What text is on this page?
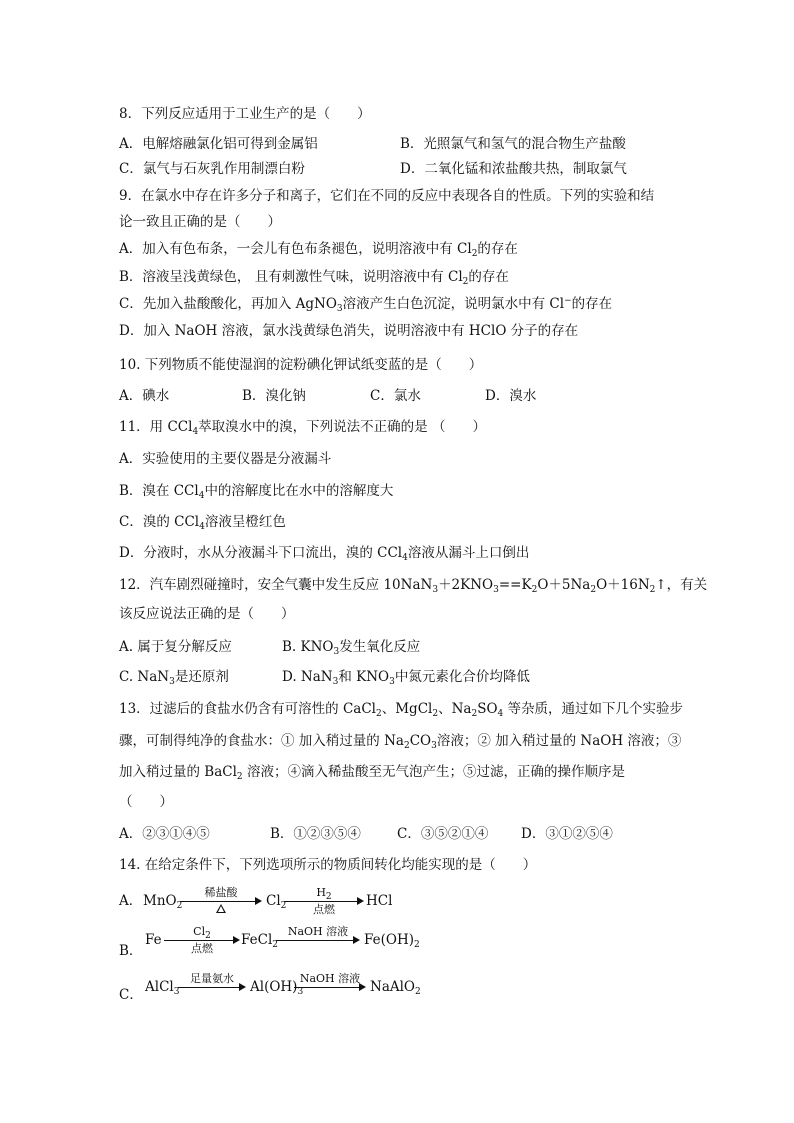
8．下列反应适用于工业生产的是（　　）
A．电解熔融氯化铝可得到金属铝	B．光照氯气和氢气的混合物生产盐酸
C．氯气与石灰乳作用制漂白粉	D．二氧化锰和浓盐酸共热，制取氯气
9．在氯水中存在许多分子和离子，它们在不同的反应中表现各自的性质。下列的实验和结
论一致且正确的是（　　）
A．加入有色布条，一会儿有色布条褪色，说明溶液中有 $Cl_2$的存在
B．溶液呈浅黄绿色， 且有刺激性气味，说明溶液中有 $Cl_2$的存在
C．先加入盐酸酸化，再加入 AgNO$_3$溶液产生白色沉淀，说明氯水中有 Cl−的存在
D．加入 NaOH 溶液，氯水浅黄绿色消失，说明溶液中有 HClO 分子的存在
10. 下列物质不能使湿润的淀粉碘化钾试纸变蓝的是（　　）
A．碘水	B．溴化钠	C．氯水	D．溴水
11．用 CCl$_4$萃取溴水中的溴，下列说法不正确的是 （　　）
A．实验使用的主要仪器是分液漏斗
B．溴在 CCl$_4$中的溶解度比在水中的溶解度大
C．溴的 CCl$_4$溶液呈橙红色
D．分液时，水从分液漏斗下口流出，溴的 CCl$_4$溶液从漏斗上口倒出
12．汽车剧烈碰撞时，安全气囊中发生反应 $10NaN_3+2KNO_3==K_2O+5Na_2O+16N_2↑$，有关
该反应说法正确的是（　　）
A. 属于复分解反应	B. $KNO_3$发生氧化反应
C. NaN$_3$是还原剂	D. NaN$_3$和 $KNO_3$中氮元素化合价均降低
13．过滤后的食盐水仍含有可溶性的 CaCl$_2$、MgCl$_2$、$Na_2SO_4$ 等杂质，通过如下几个实验步
骤，可制得纯净的食盐水：① 加入稍过量的 $Na_2CO_3$溶液；② 加入稍过量的 NaOH 溶液；③
加入稍过量的 BaCl$_2$ 溶液；④滴入稀盐酸至无气泡产生；⑤过滤，正确的操作顺序是
（　　）
A．②③①④⑤	B．①②③⑤④	C．③⑤②①④ D．③①②⑤④
14. 在给定条件下，下列选项所示的物质间转化均能实现的是（　　）
A． MnO$_2$
稀盐酸
$Cl_2$
$H_2$
点燃
HCl
B．
Fe
$Cl_2$
点燃
FeCl$_2$
NaOH 溶液
$Fe(OH)_2$
C． AlCl$_3$
足量氨水
$Al(OH)_3$
NaOH 溶液
NaAlO$_2$
